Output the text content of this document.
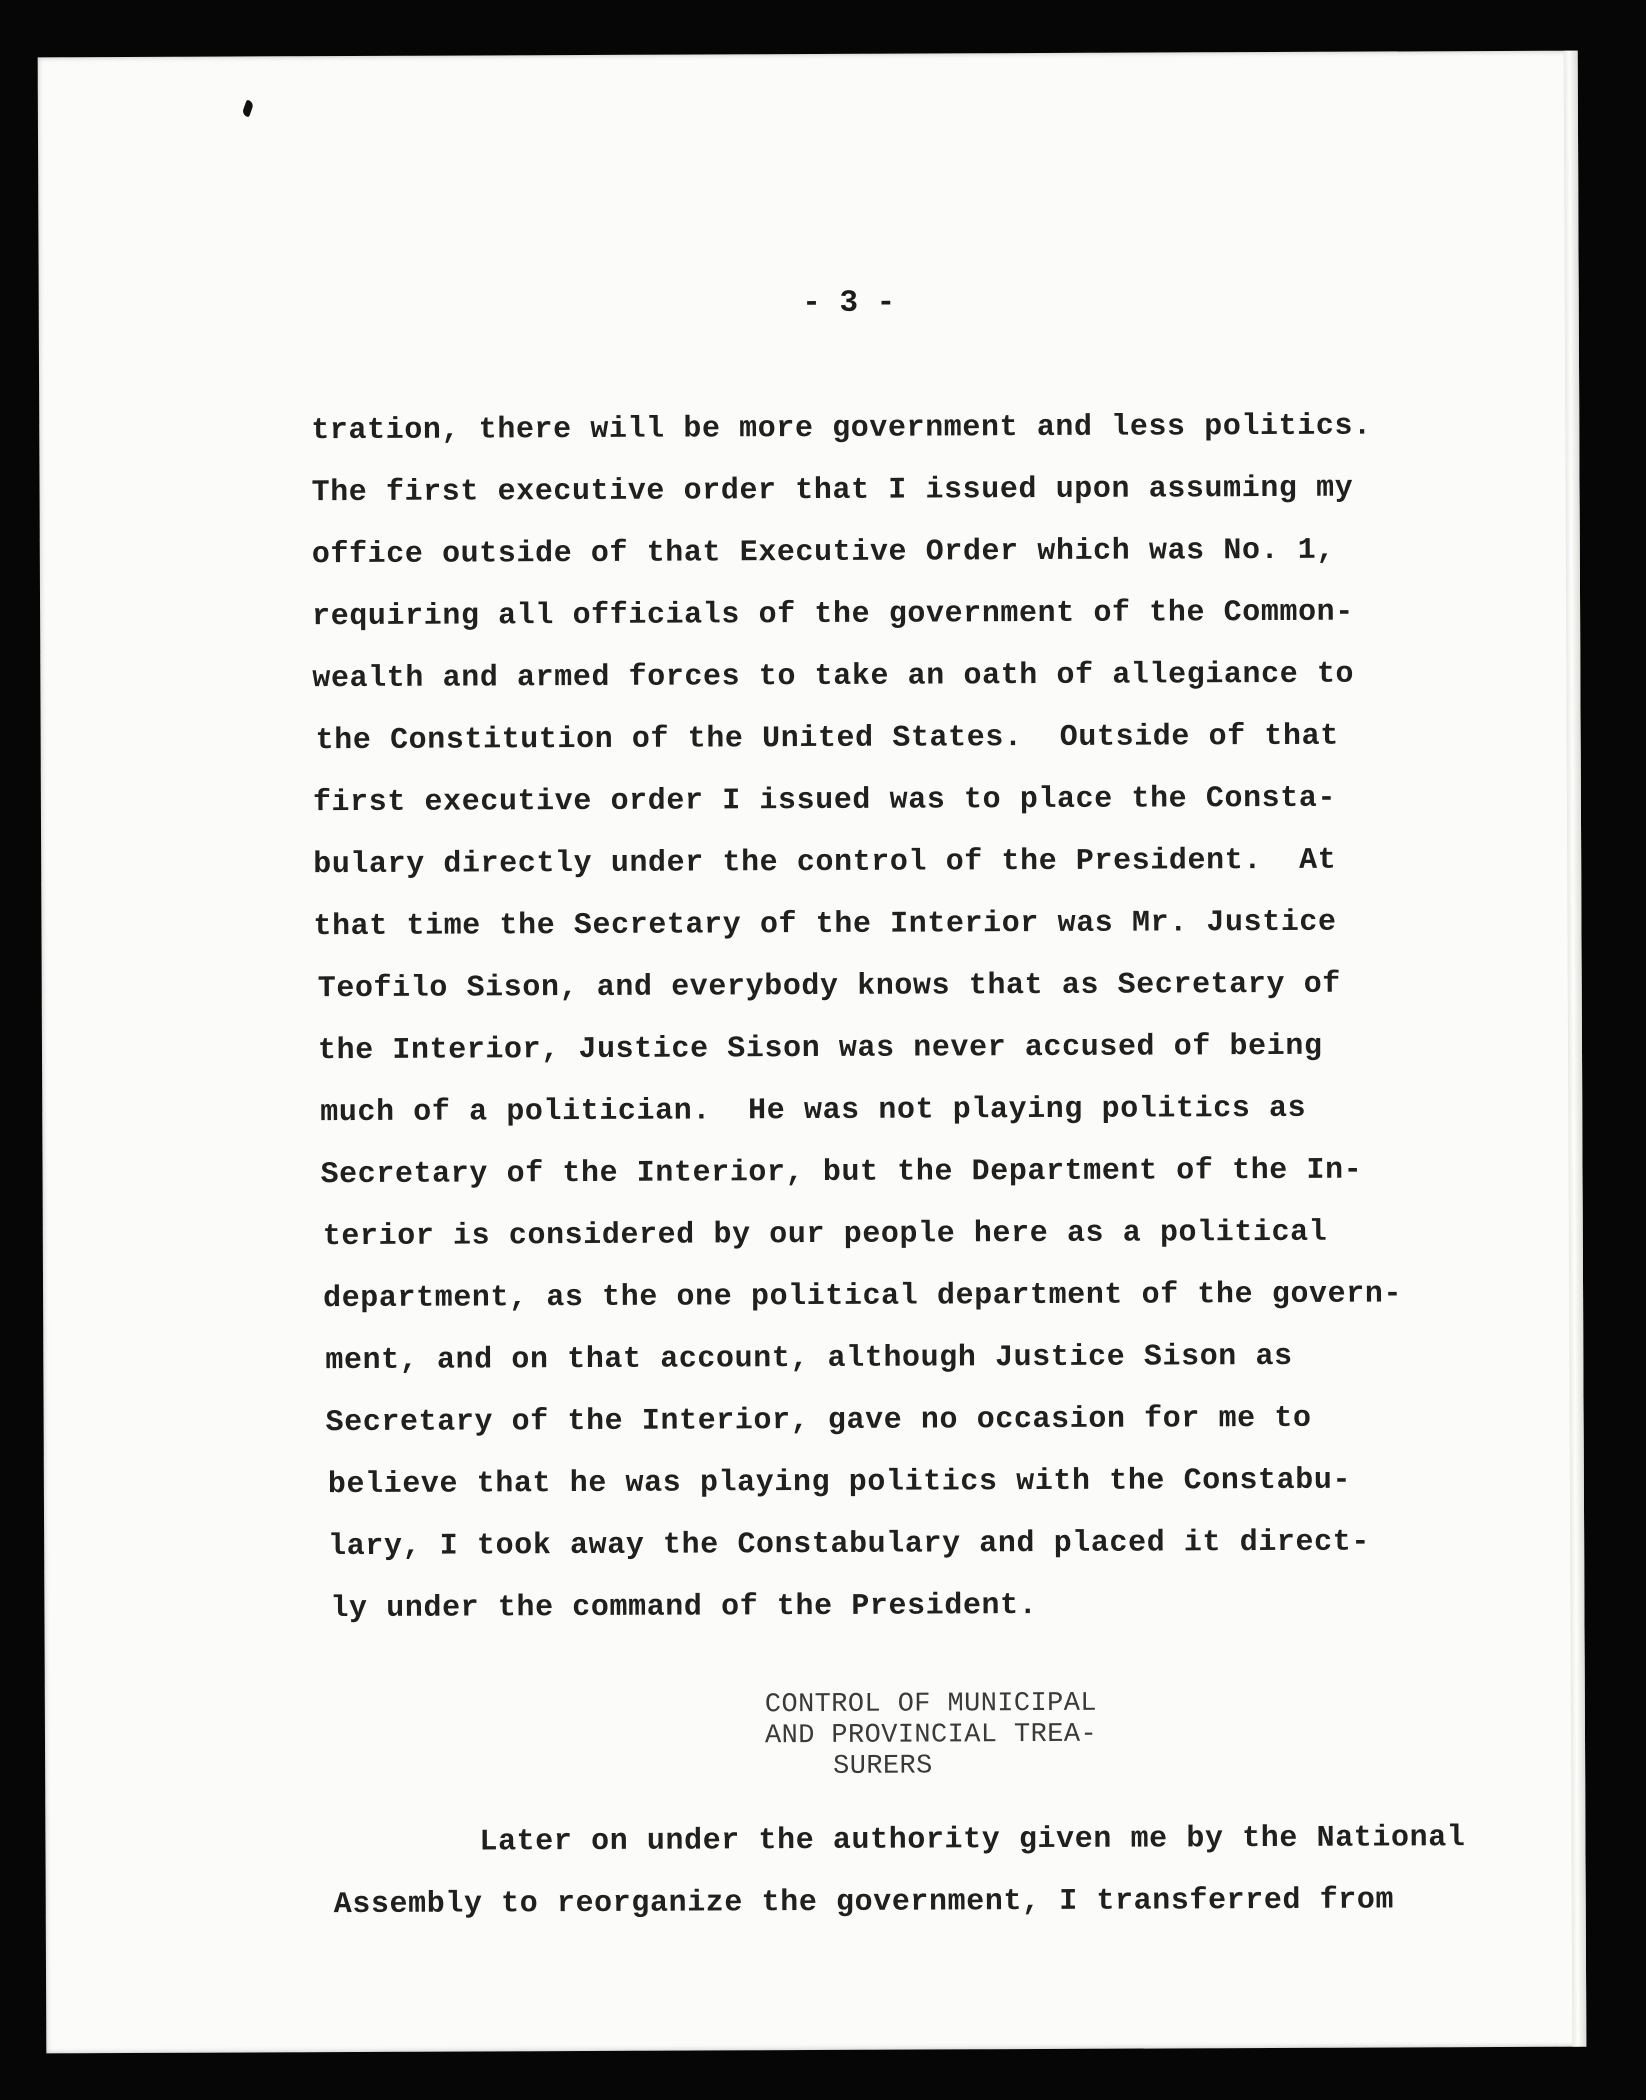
- 3 -
tration, there will be more government and less politics.
The first executive order that I issued upon assuming my
office outside of that Executive Order which was No. 1,
requiring all officials of the government of the Common-
wealth and armed forces to take an oath of allegiance to
the Constitution of the United States.  Outside of that
first executive order I issued was to place the Consta-
bulary directly under the control of the President.  At
that time the Secretary of the Interior was Mr. Justice
Teofilo Sison, and everybody knows that as Secretary of
the Interior, Justice Sison was never accused of being
much of a politician.  He was not playing politics as
Secretary of the Interior, but the Department of the In-
terior is considered by our people here as a political
department, as the one political department of the govern-
ment, and on that account, although Justice Sison as
Secretary of the Interior, gave no occasion for me to
believe that he was playing politics with the Constabu-
lary, I took away the Constabulary and placed it direct-
ly under the command of the President.
CONTROL OF MUNICIPAL
AND PROVINCIAL TREA-
SURERS
Later on under the authority given me by the National
Assembly to reorganize the government, I transferred from
